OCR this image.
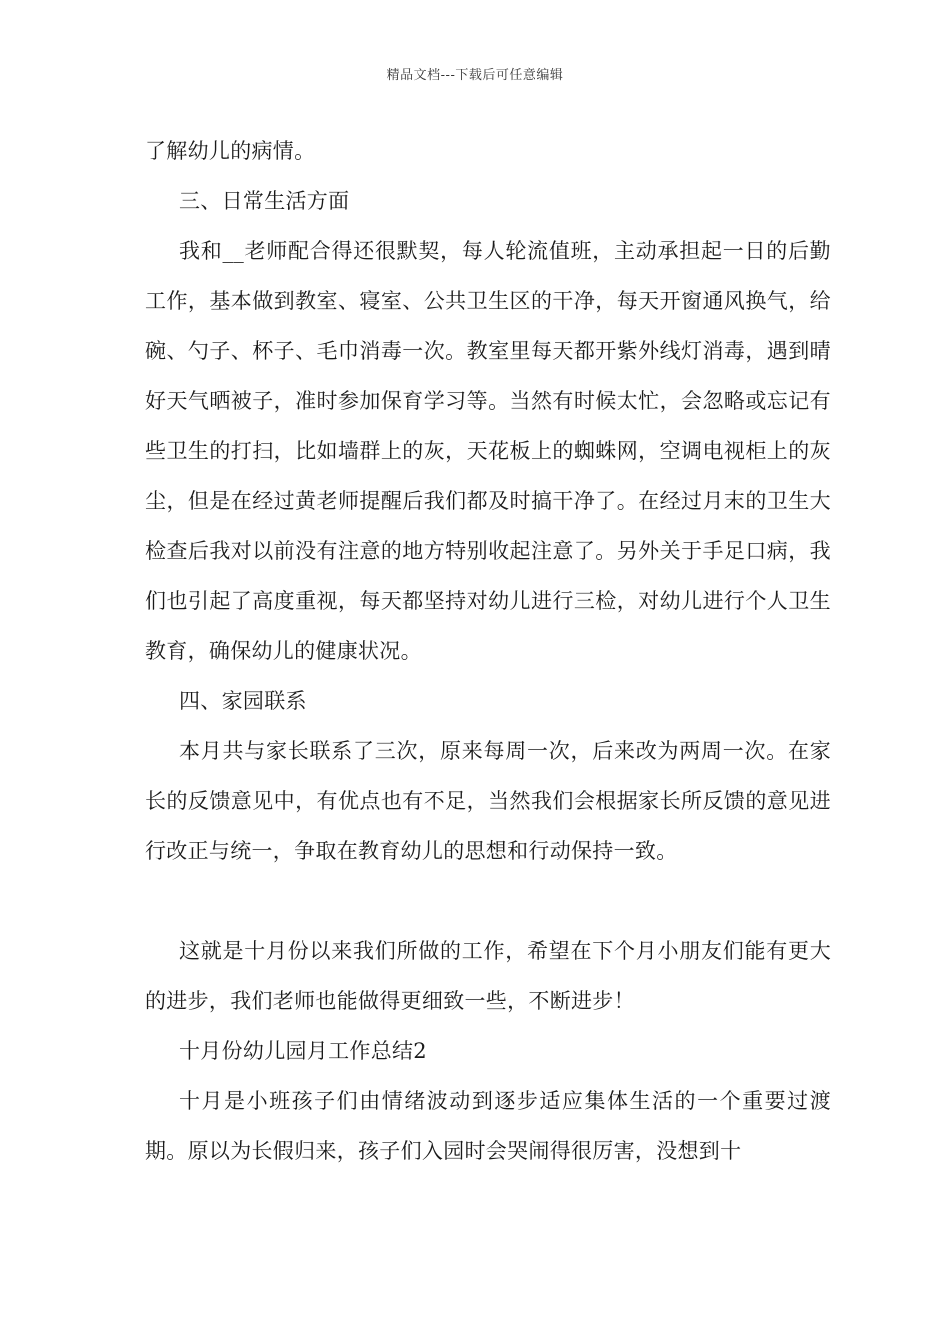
精品文档---下载后可任意编辑

了解幼儿的病情。

三、日常生活方面

我和__老师配合得还很默契，每人轮流值班，主动承担起一日的后勤工作，基本做到教室、寝室、公共卫生区的干净，每天开窗通风换气，给碗、勺子、杯子、毛巾消毒一次。教室里每天都开紫外线灯消毒，遇到晴好天气晒被子，准时参加保育学习等。当然有时候太忙，会忽略或忘记有些卫生的打扫，比如墙群上的灰，天花板上的蜘蛛网，空调电视柜上的灰尘，但是在经过黄老师提醒后我们都及时搞干净了。在经过月末的卫生大检查后我对以前没有注意的地方特别收起注意了。另外关于手足口病，我们也引起了高度重视，每天都坚持对幼儿进行三检，对幼儿进行个人卫生教育，确保幼儿的健康状况。

四、家园联系

本月共与家长联系了三次，原来每周一次，后来改为两周一次。在家长的反馈意见中，有优点也有不足，当然我们会根据家长所反馈的意见进行改正与统一，争取在教育幼儿的思想和行动保持一致。

这就是十月份以来我们所做的工作，希望在下个月小朋友们能有更大的进步，我们老师也能做得更细致一些，不断进步！

十月份幼儿园月工作总结2

十月是小班孩子们由情绪波动到逐步适应集体生活的一个重要过渡期。原以为长假归来，孩子们入园时会哭闹得很厉害，没想到十
